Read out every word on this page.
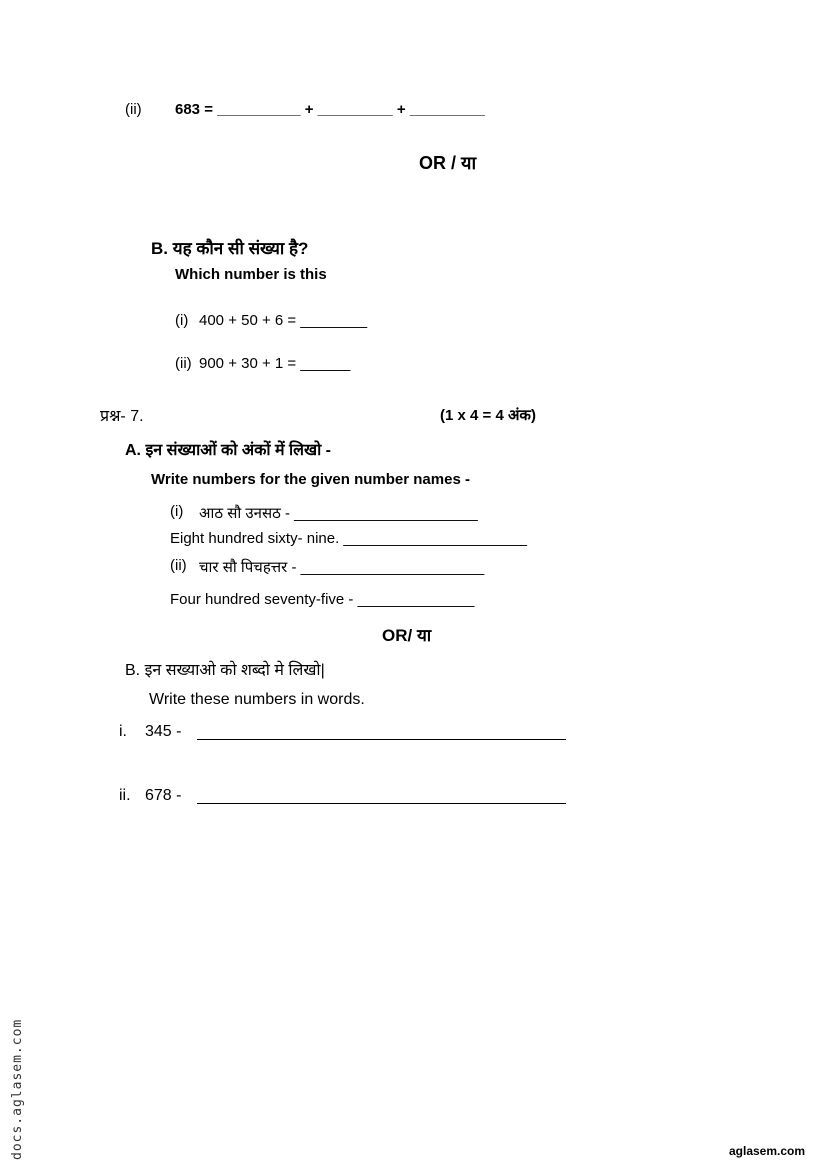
(ii) 683 = __________ + _________ + _________
OR / या
B. यह कौन सी संख्या है?
Which number is this
(i) 400 + 50 + 6 = ________
(ii) 900 + 30 + 1 = ______
प्रश्न- 7.	(1 x 4 = 4 अंक)
A. इन संख्याओं को अंकों में लिखो -
Write numbers for the given number names -
(i) आठ सौ उनसठ - ______________________
Eight hundred sixty- nine. ______________________
(ii) चार सौ पिचहत्तर - ______________________
Four hundred seventy-five - ______________
OR/ या
B. इन सख्याओ को शब्दो मे लिखो|
Write these numbers in words.
i. 345 -
ii. 678 -
docs.aglasem.com	aglasem.com
